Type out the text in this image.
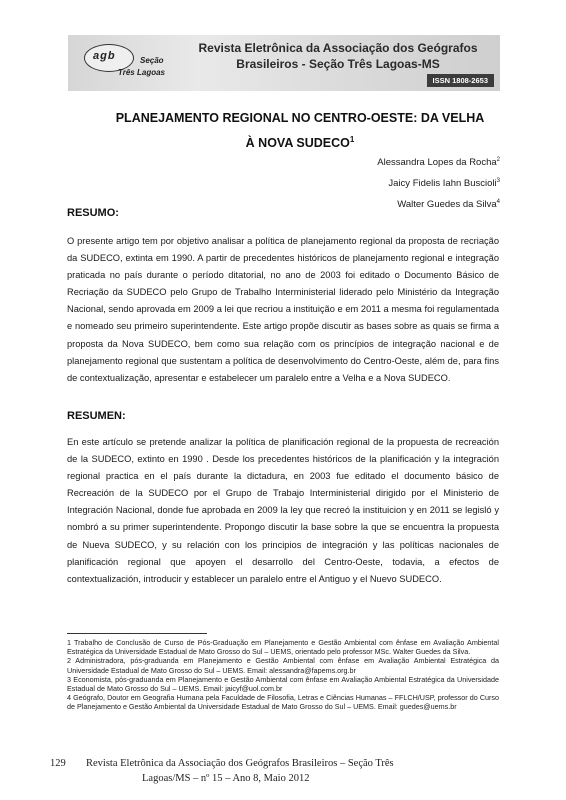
agb	Seção
Três Lagoas
Revista Eletrônica da Associação dos Geógrafos
Brasileiros - Seção Três Lagoas-MS
ISSN 1808-2653
PLANEJAMENTO REGIONAL NO CENTRO-OESTE: DA VELHA
À NOVA SUDECO$^1$
Alessandra Lopes da Rocha$^2$
Jaicy Fidelis Iahn Buscioli$^3$
Walter Guedes da Silva$^4$
RESUMO:
O presente artigo tem por objetivo analisar a política de planejamento regional da proposta de recriação da SUDECO, extinta em 1990. A partir de precedentes históricos de planejamento regional e integração praticada no país durante o período ditatorial, no ano de 2003 foi editado o Documento Básico de Recriação da SUDECO pelo Grupo de Trabalho Interministerial liderado pelo Ministério da Integração Nacional, sendo aprovada em 2009 a lei que recriou a instituição e em 2011 a mesma foi regulamentada e nomeado seu primeiro superintendente. Este artigo propõe discutir as bases sobre as quais se firma a proposta da Nova SUDECO, bem como sua relação com os princípios de integração nacional e de planejamento regional que sustentam a política de desenvolvimento do Centro-Oeste, além de, para fins de contextualização, apresentar e estabelecer um paralelo entre a Velha e a Nova SUDECO.
RESUMEN:
En este artículo se pretende analizar la política de planificación regional de la propuesta de recreación de la SUDECO, extinto en 1990 . Desde los precedentes históricos de la planificación y la integración regional practica en el país durante la dictadura, en 2003 fue editado el documento básico de Recreación de la SUDECO por el Grupo de Trabajo Interministerial dirigido por el Ministerio de Integración Nacional, donde fue aprobada en 2009 la ley que recreó la instituicion y en 2011 se legisló y nombró a su primer superintendente. Propongo discutir la base sobre la que se encuentra la propuesta de Nueva SUDECO, y su relación con los principios de integración y las políticas nacionales de planificación regional que apoyen el desarrollo del Centro-Oeste, todavia, a efectos de contextualización, introducir y establecer un paralelo entre el Antiguo y el Nuevo SUDECO.

1 Trabalho de Conclusão de Curso de Pós-Graduação em Planejamento e Gestão Ambiental com ênfase em Avaliação Ambiental Estratégica da Universidade Estadual de Mato Grosso do Sul – UEMS, orientado pelo professor MSc. Walter Guedes da Silva.

2 Administradora, pós-graduanda em Planejamento e Gestão Ambiental com ênfase em Avaliação Ambiental Estratégica da Universidade Estadual de Mato Grosso do Sul – UEMS. Email: alessandra@fapems.org.br

3 Economista, pós-graduanda em Planejamento e Gestão Ambiental com ênfase em Avaliação Ambiental Estratégica da Universidade Estadual de Mato Grosso do Sul – UEMS. Email: jaicyf@uol.com.br

4 Geógrafo, Doutor em Geografia Humana pela Faculdade de Filosofia, Letras e Ciências Humanas – FFLCH/USP, professor do Curso de Planejamento e Gestão Ambiental da Universidade Estadual de Mato Grosso do Sul – UEMS. Email: guedes@uems.br

129 Revista Eletrônica da Associação dos Geógrafos Brasileiros – Seção Três
Lagoas/MS – nº 15 – Ano 8, Maio 2012
